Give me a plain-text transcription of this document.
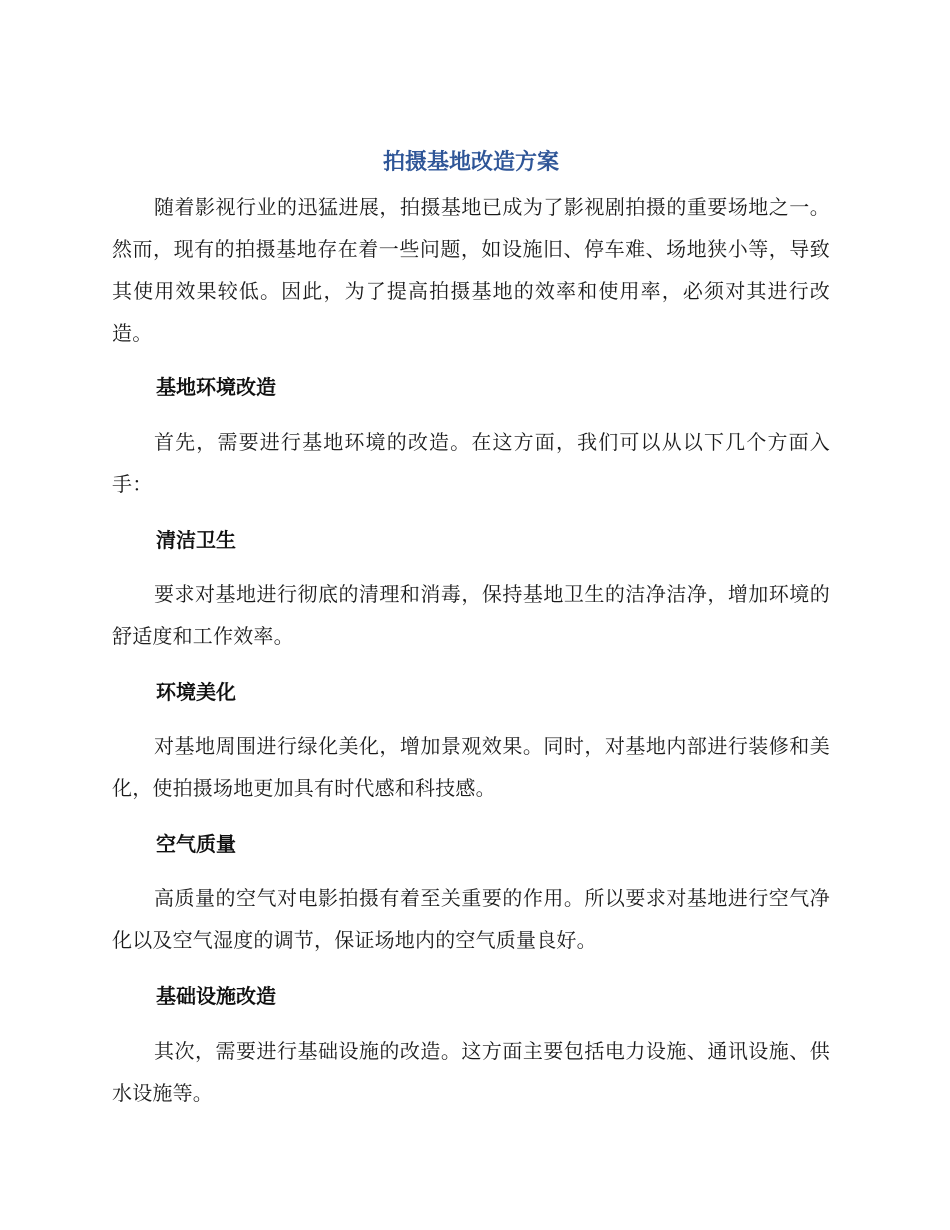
拍摄基地改造方案

随着影视行业的迅猛进展，拍摄基地已成为了影视剧拍摄的重要场地之一。然而，现有的拍摄基地存在着一些问题，如设施旧、停车难、场地狭小等，导致其使用效果较低。因此，为了提高拍摄基地的效率和使用率，必须对其进行改造。

基地环境改造

首先，需要进行基地环境的改造。在这方面，我们可以从以下几个方面入手：

清洁卫生

要求对基地进行彻底的清理和消毒，保持基地卫生的洁净洁净，增加环境的舒适度和工作效率。

环境美化

对基地周围进行绿化美化，增加景观效果。同时，对基地内部进行装修和美化，使拍摄场地更加具有时代感和科技感。

空气质量

高质量的空气对电影拍摄有着至关重要的作用。所以要求对基地进行空气净化以及空气湿度的调节，保证场地内的空气质量良好。

基础设施改造

其次，需要进行基础设施的改造。这方面主要包括电力设施、通讯设施、供水设施等。
